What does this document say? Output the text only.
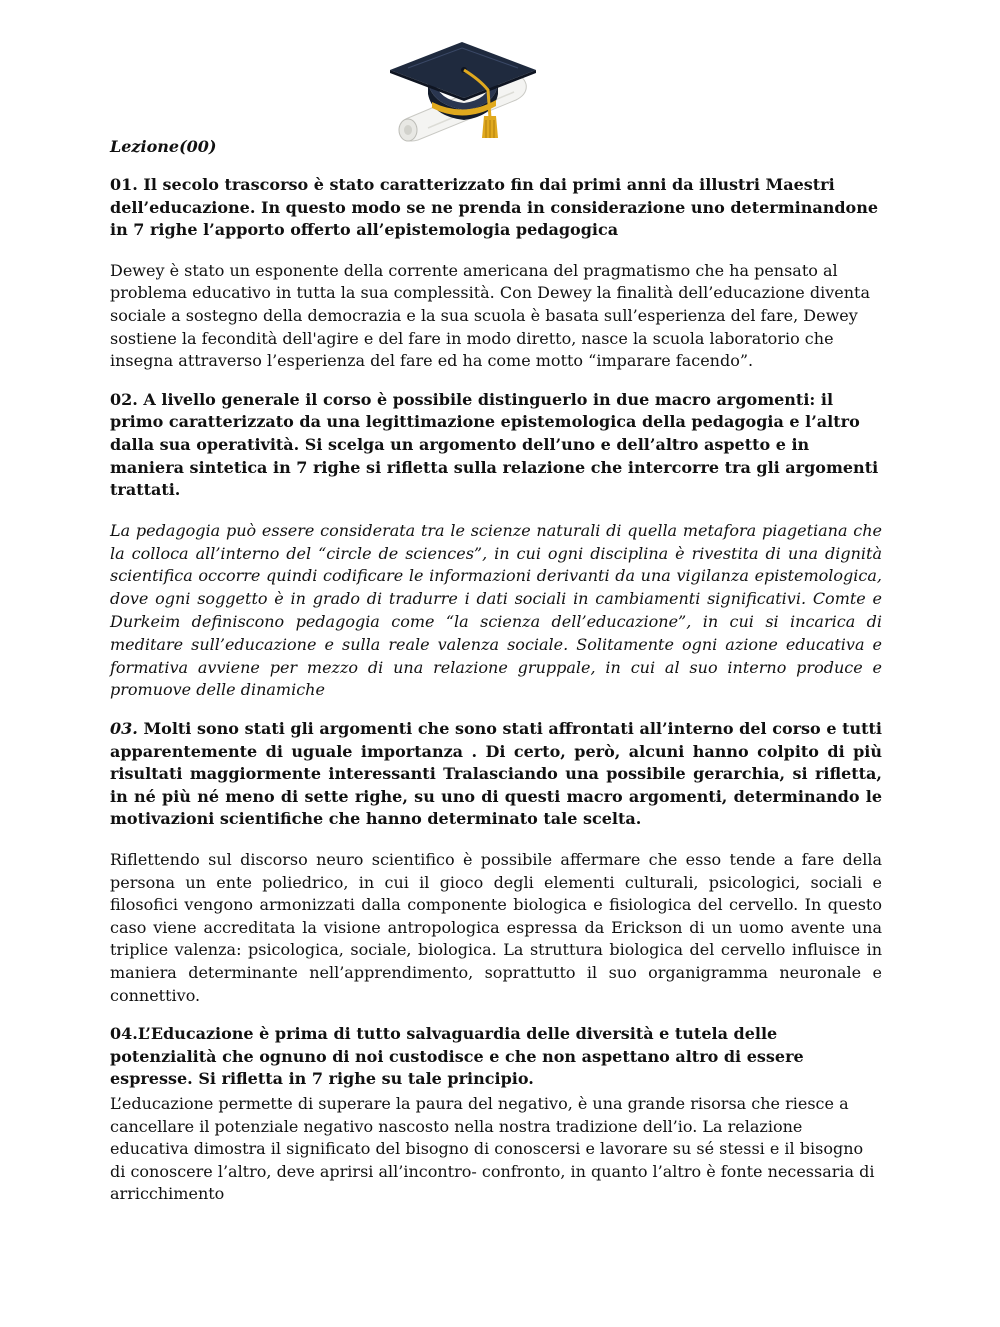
Lezione(00)

01. Il secolo trascorso è stato caratterizzato fin dai primi anni da illustri Maestri dell’educazione. In questo modo se ne prenda in considerazione uno determinandone in 7 righe l’apporto offerto all’epistemologia pedagogica

Dewey è stato un esponente della corrente americana del pragmatismo che ha pensato al problema educativo in tutta la sua complessità. Con Dewey la finalità dell’educazione diventa sociale a sostegno della democrazia e la sua scuola è basata sull’esperienza del fare, Dewey sostiene la fecondità dell'agire e del fare in modo diretto, nasce la scuola laboratorio che insegna attraverso l’esperienza del fare ed ha come motto “imparare facendo”.

02. A livello generale il corso è possibile distinguerlo in due macro argomenti: il primo caratterizzato da una legittimazione epistemologica della pedagogia e l’altro dalla sua operatività. Si scelga un argomento dell’uno e dell’altro aspetto e in maniera sintetica in 7 righe si rifletta sulla relazione che intercorre tra gli argomenti trattati.

La pedagogia può essere considerata tra le scienze naturali di quella metafora piagetiana che la colloca all’interno del “circle de sciences”, in cui ogni disciplina è rivestita di una dignità scientifica occorre quindi codificare le informazioni derivanti da una vigilanza epistemologica, dove ogni soggetto è in grado di tradurre i dati sociali in cambiamenti significativi. Comte e Durkeim definiscono pedagogia come “la scienza dell’educazione”, in cui si incarica di meditare sull’educazione e sulla reale valenza sociale. Solitamente ogni azione educativa e formativa avviene per mezzo di una relazione gruppale, in cui al suo interno produce e promuove delle dinamiche

03. Molti sono stati gli argomenti che sono stati affrontati all’interno del corso e tutti apparentemente di uguale importanza . Di certo, però, alcuni hanno colpito di più risultati maggiormente interessanti Tralasciando una possibile gerarchia, si rifletta, in né più né meno di sette righe, su uno di questi macro argomenti, determinando le motivazioni scientifiche che hanno determinato tale scelta.

Riflettendo sul discorso neuro scientifico è possibile affermare che esso tende a fare della persona un ente poliedrico, in cui il gioco degli elementi culturali, psicologici, sociali e filosofici vengono armonizzati dalla componente biologica e fisiologica del cervello. In questo caso viene accreditata la visione antropologica espressa da Erickson di un uomo avente una triplice valenza: psicologica, sociale, biologica. La struttura biologica del cervello influisce in maniera determinante nell’apprendimento, soprattutto il suo organigramma neuronale e connettivo.

04.L’Educazione è prima di tutto salvaguardia delle diversità e tutela delle potenzialità che ognuno di noi custodisce e che non aspettano altro di essere espresse. Si rifletta in 7 righe su tale principio.

L’educazione permette di superare la paura del negativo, è una grande risorsa che riesce a cancellare il potenziale negativo nascosto nella nostra tradizione dell’io. La relazione educativa dimostra il significato del bisogno di conoscersi e lavorare su sé stessi e il bisogno di conoscere l’altro, deve aprirsi all’incontro- confronto, in quanto l’altro è fonte necessaria di arricchimento
